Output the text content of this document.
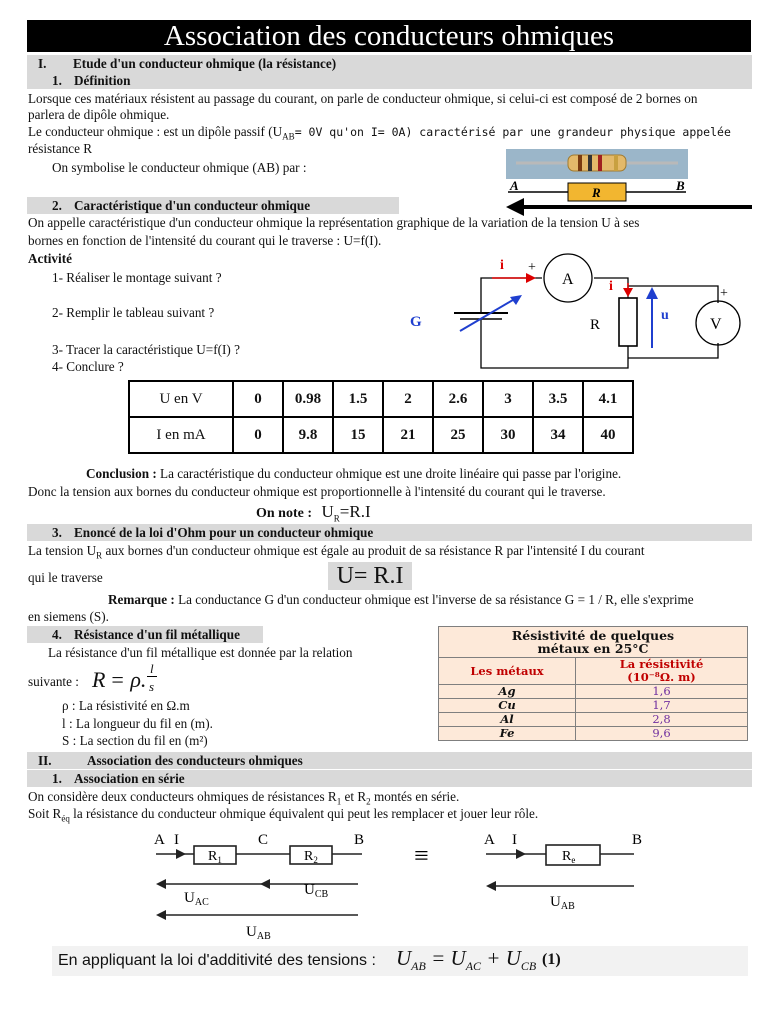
Association des conducteurs ohmiques
I. Etude d'un conducteur ohmique (la résistance)
1. Définition
Lorsque ces matériaux résistent au passage du courant, on parle de conducteur ohmique, si celui-ci est composé de 2 bornes on
parlera de dipôle ohmique.
Le conducteur ohmique : est un dipôle passif ($U_{AB}= 0V$ qu'on I= 0A) caractérisé par une grandeur physique appelée
résistance R
On symbolise le conducteur ohmique (AB) par :
A	R	B
2. Caractéristique d'un conducteur ohmique
On appelle caractéristique d'un conducteur ohmique la représentation graphique de la variation de la tension U à ses
bornes en fonction de l'intensité du courant qui le traverse : U=f(I).
Activité
1- Réaliser le montage suivant ?
2- Remplir le tableau suivant ?
3- Tracer la caractéristique U=f(I) ?
4- Conclure ?
i +
A	i
R
u
+
V
G
U en V	0	0.98	1.5	2	2.6	3	3.5	4.1
I en mA	0	9.8	15	21	25	30	34	40
Conclusion : La caractéristique du conducteur ohmique est une droite linéaire qui passe par l'origine.
Donc la tension aux bornes du conducteur ohmique est proportionnelle à l'intensité du courant qui le traverse.
On note : $U_R=R.I$
3. Enoncé de la loi d'Ohm pour un conducteur ohmique
La tension $U_R$ aux bornes d'un conducteur ohmique est égale au produit de sa résistance R par l'intensité I du courant
qui le traverse	U= R.I
Remarque : La conductance G d'un conducteur ohmique est l'inverse de sa résistance G = 1 / R, elle s'exprime
en siemens (S).
4. Résistance d'un fil métallique
La résistance d'un fil métallique est donnée par la relation
suivante : R = ρ. l
s
ρ : La résistivité en Ω.m
l : La longueur du fil en (m).
S : La section du fil en (m²)
Résistivité de quelques
métaux en 25°C	

Les métaux	La résistivité
(10⁻⁸Ω. m)

Ag	1,6
Cu	1,7
Al	2,8
Fe	9,6
II.	Association des conducteurs ohmiques
1. Association en série
On considère deux conducteurs ohmiques de résistances $R_1$ et $R_2$ montés en série.
Soit $R_{éq}$ la résistance du conducteur ohmique équivalent qui peut les remplacer et jouer leur rôle.
A I
$R_1$
C
$R_2$
B
$U_{AC}$
$U_{CB}$
$U_{AB}$
≡
A I
$R_e$
B
$U_{AB}$
En appliquant la loi d'additivité des tensions : $U_{AB} = U_{AC} + U_{CB}$ (1)
